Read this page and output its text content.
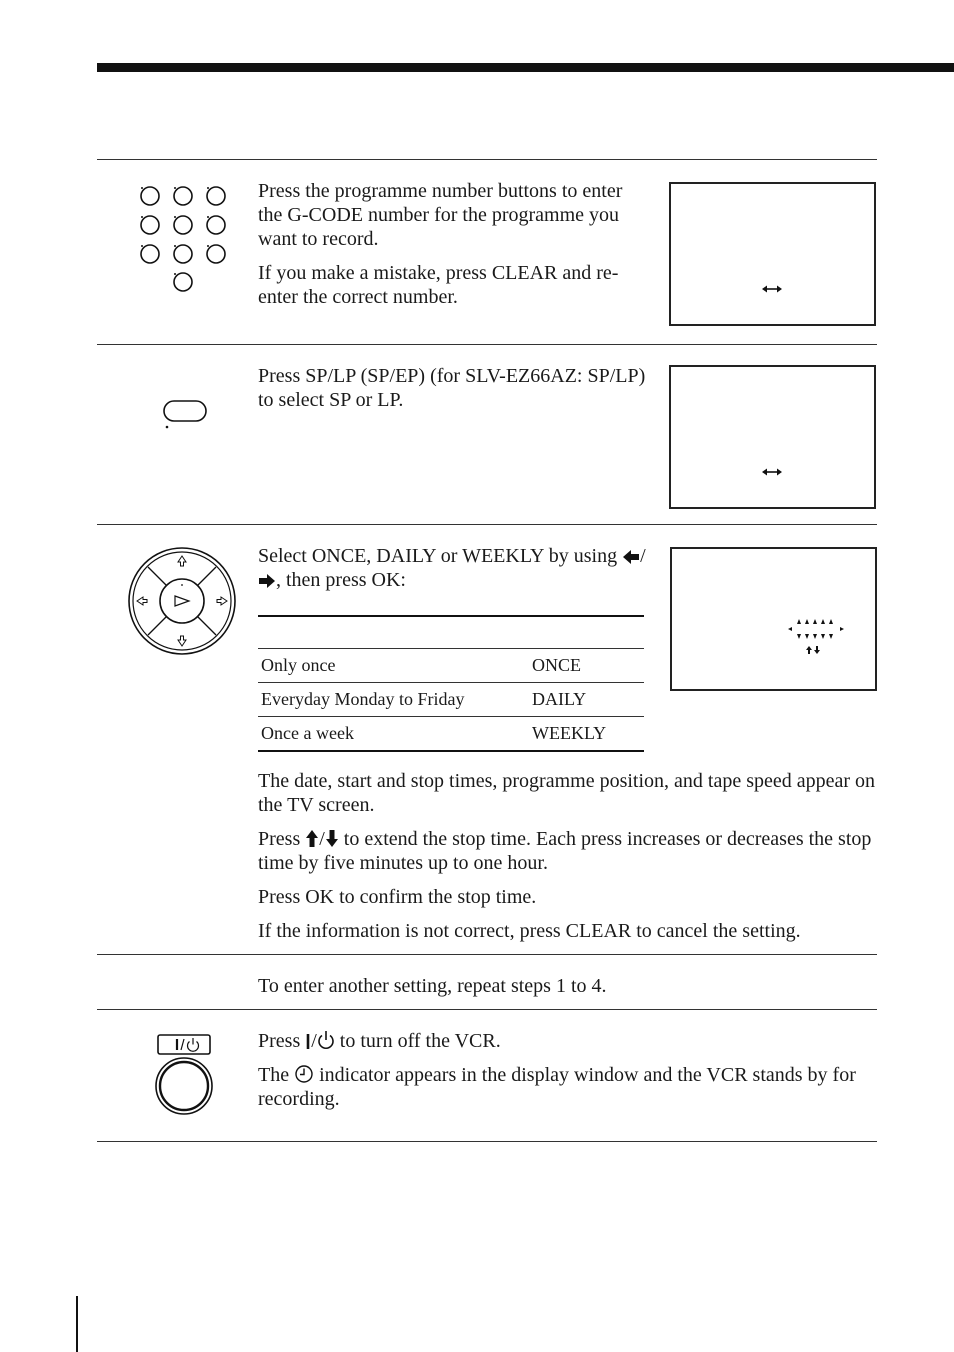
Press the programme number buttons to enter the G-CODE number for the programme you want to record.

If you make a mistake, press CLEAR and re-enter the correct number.

Press SP/LP (SP/EP) (for SLV-EZ66AZ: SP/LP) to select SP or LP.

Select ONCE, DAILY or WEEKLY by using /, then press OK:

Only once	ONCE
Everyday Monday to Friday	DAILY
Once a week	WEEKLY

The date, start and stop times, programme position, and tape speed appear on the TV screen.

Press / to extend the stop time. Each press increases or decreases the stop time by five minutes up to one hour.

Press OK to confirm the stop time.

If the information is not correct, press CLEAR to cancel the setting.

To enter another setting, repeat steps 1 to 4.

Press / to turn off the VCR.

The  indicator appears in the display window and the VCR stands by for recording.
